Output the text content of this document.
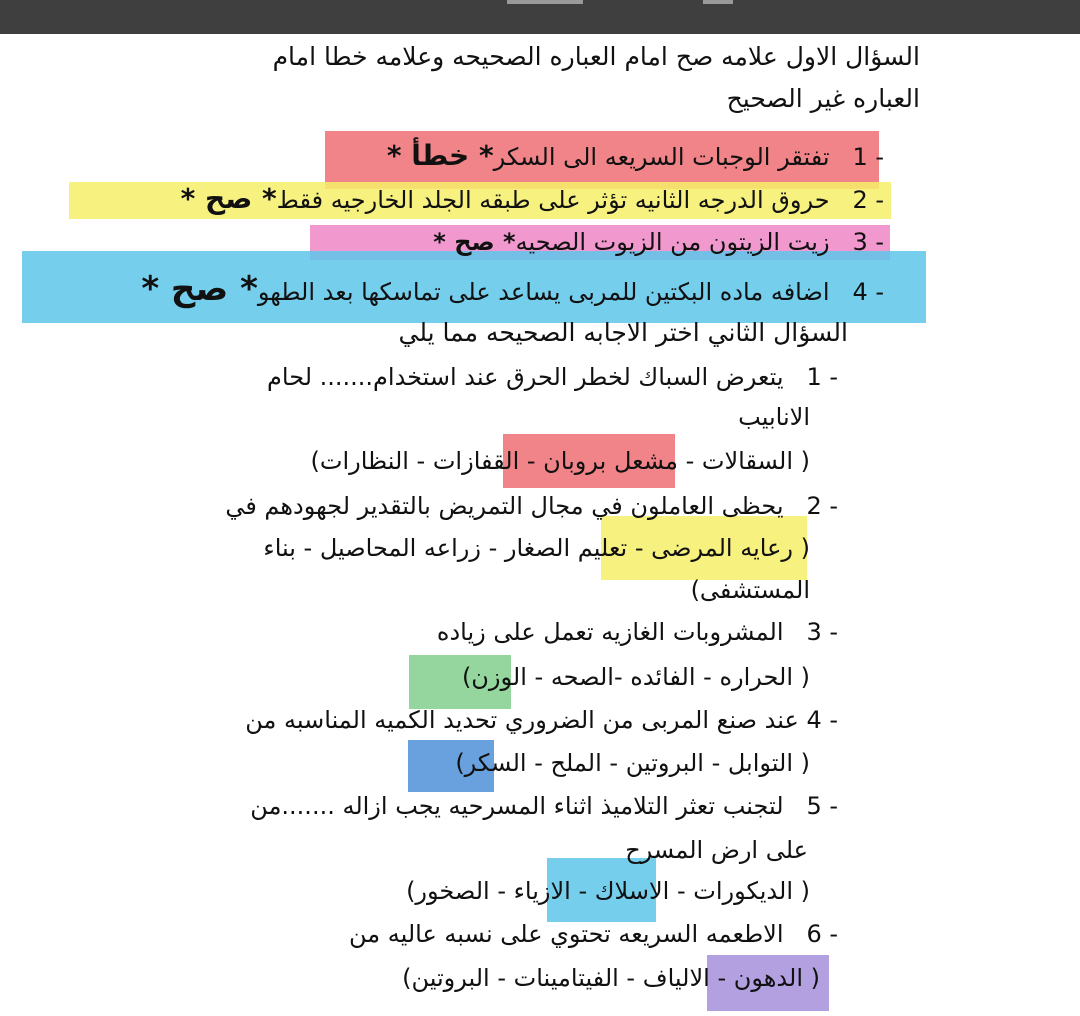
السؤال الاول علامه صح امام العباره الصحيحه وعلامه خطا امام
العباره غير الصحيح
1 -   تفتقر الوجبات السريعه الى السكر* خطأ *
2 -   حروق الدرجه الثانيه تؤثر على طبقه الجلد الخارجيه فقط* صح *
3 -   زيت الزيتون من الزيوت الصحيه* صح *
4 -   اضافه ماده البكتين للمربى يساعد على تماسكها بعد الطهو* صح *
السؤال الثاني اختر الاجابه الصحيحه مما يلي
1 -   يتعرض السباك لخطر الحرق عند استخدام....... لحام
الانابيب
( السقالات - مشعل بروبان - القفازات - النظارات)
2 -   يحظى العاملون في مجال التمريض بالتقدير لجهودهم في
( رعايه المرضى - تعليم الصغار - زراعه المحاصيل - بناء
المستشفى)
3 -   المشروبات الغازيه تعمل على زياده
( الحراره - الفائده -الصحه - الوزن)
4 - عند صنع المربى من الضروري تحديد الكميه المناسبه من
( التوابل - البروتين - الملح - السكر)
5 -   لتجنب تعثر التلاميذ اثناء المسرحيه يجب ازاله .......من
على ارض المسرح
( الديكورات - الاسلاك - الازياء - الصخور)
6 -   الاطعمه السريعه تحتوي على نسبه عاليه من
( الدهون - الالياف - الفيتامينات - البروتين)
